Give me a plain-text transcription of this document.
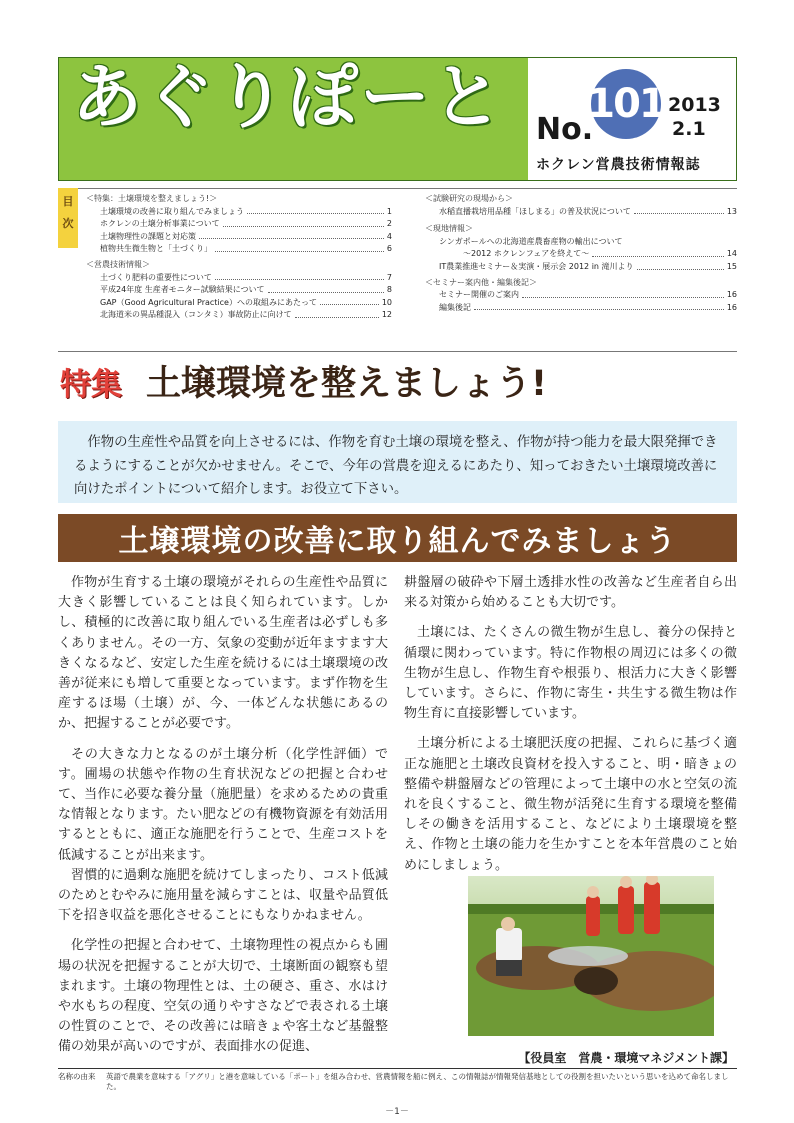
あぐりぽーと No.
101 2013
2.1
ホクレン営農技術情報誌
目
次
＜特集：土壌環境を整えましょう!＞
土壌環境の改善に取り組んでみましょう	1
ホクレンの土壌分析事業について	2
土壌物理性の課題と対応策	4
植物共生微生物と「土づくり」	6
＜営農技術情報＞
土づくり肥料の重要性について	7
平成24年度 生産者モニター試験結果について	8
GAP（Good Agricultural Practice）への取組みにあたって	10
北海道米の異品種混入（コンタミ）事故防止に向けて	12
＜試験研究の現場から＞
水稲直播栽培用品種「ほしまる」の普及状況について	13
＜現地情報＞
シンガポールへの北海道産農畜産物の輸出について
～2012 ホクレンフェアを終えて～	14
IT農業推進セミナー＆実演・展示会 2012 in 滝川より	15
＜セミナー案内他・編集後記＞
セミナー開催のご案内	16
編集後記	16
特集 土壌環境を整えましょう!
　作物の生産性や品質を向上させるには、作物を育む土壌の環境を整え、作物が持つ能力を最大限発揮できるようにすることが欠かせません。そこで、今年の営農を迎えるにあたり、知っておきたい土壌環境改善に向けたポイントについて紹介します。お役立て下さい。
土壌環境の改善に取り組んでみましょう

作物が生育する土壌の環境がそれらの生産性や品質に大きく影響していることは良く知られています。しかし、積極的に改善に取り組んでいる生産者は必ずしも多くありません。その一方、気象の変動が近年ますます大きくなるなど、安定した生産を続けるには土壌環境の改善が従来にも増して重要となっています。まず作物を生産するほ場（土壌）が、今、一体どんな状態にあるのか、把握することが必要です。

その大きな力となるのが土壌分析（化学性評価）です。圃場の状態や作物の生育状況などの把握と合わせて、当作に必要な養分量（施肥量）を求めるための貴重な情報となります。たい肥などの有機物資源を有効活用するとともに、適正な施肥を行うことで、生産コストを低減することが出来ます。

習慣的に過剰な施肥を続けてしまったり、コスト低減のためとむやみに施用量を減らすことは、収量や品質低下を招き収益を悪化させることにもなりかねません。

化学性の把握と合わせて、土壌物理性の視点からも圃場の状況を把握することが大切で、土壌断面の観察も望まれます。土壌の物理性とは、土の硬さ、重さ、水はけや水もちの程度、空気の通りやすさなどで表される土壌の性質のことで、その改善には暗きょや客土など基盤整備の効果が高いのですが、表面排水の促進、

耕盤層の破砕や下層土透排水性の改善など生産者自ら出来る対策から始めることも大切です。

土壌には、たくさんの微生物が生息し、養分の保持と循環に関わっています。特に作物根の周辺には多くの微生物が生息し、作物生育や根張り、根活力に大きく影響しています。さらに、作物に寄生・共生する微生物は作物生育に直接影響しています。

土壌分析による土壌肥沃度の把握、これらに基づく適正な施肥と土壌改良資材を投入すること、明・暗きょの整備や耕盤層などの管理によって土壌中の水と空気の流れを良くすること、微生物が活発に生育する環境を整備しその働きを活用すること、などにより土壌環境を整え、作物と土壌の能力を生かすことを本年営農のこと始めにしましょう。

【役員室　営農・環境マネジメント課】
名称の由来	英語で農業を意味する「アグリ」と港を意味している「ポート」を組み合わせ、営農情報を船に例え、この情報誌が情報発信基地としての役割を担いたいという思いを込めて命名しました。
－1－
